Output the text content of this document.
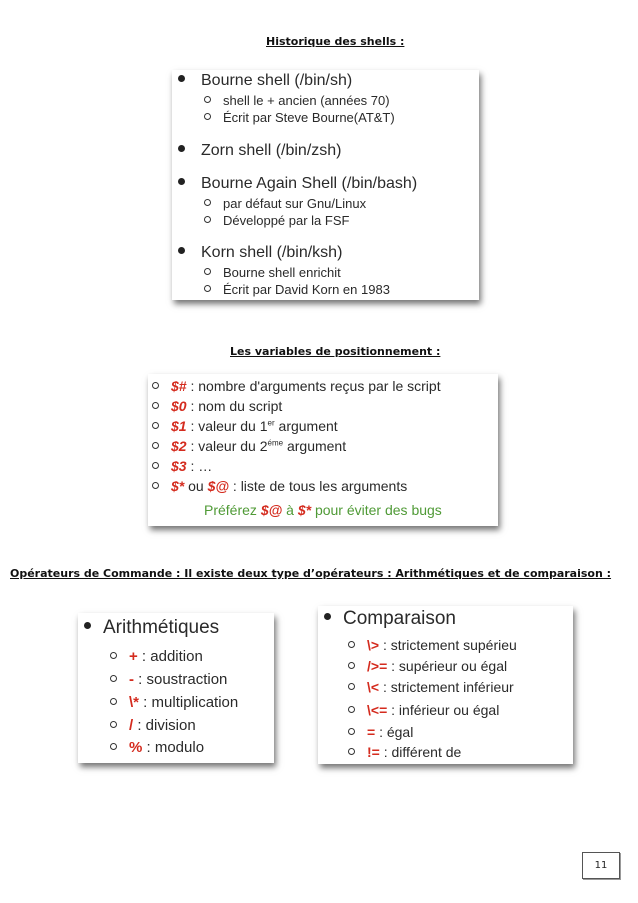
Historique des shells :
Bourne shell (/bin/sh)
shell le + ancien (années 70)
Écrit par Steve Bourne(AT&T)
Zorn shell (/bin/zsh)
Bourne Again Shell (/bin/bash)
par défaut sur Gnu/Linux
Développé par la FSF
Korn shell (/bin/ksh)
Bourne shell enrichit
Écrit par David Korn en 1983
Les variables de positionnement :
$# : nombre d'arguments reçus par le script
$0 : nom du script
$1 : valeur du 1er argument
$2 : valeur du $2^{éme}$ argument
$3 : …
$* ou $@ : liste de tous les arguments
Préférez $@ à $* pour éviter des bugs
Opérateurs de Commande : Il existe deux type d’opérateurs : Arithmétiques et de comparaison :
Arithmétiques
+ : addition
- : soustraction
\* : multiplication
/ : division
% : modulo
Comparaison
\> : strictement supérieu
/>= : supérieur ou égal
\< : strictement inférieur
\<= : inférieur ou égal
= : égal
!= : différent de
11
